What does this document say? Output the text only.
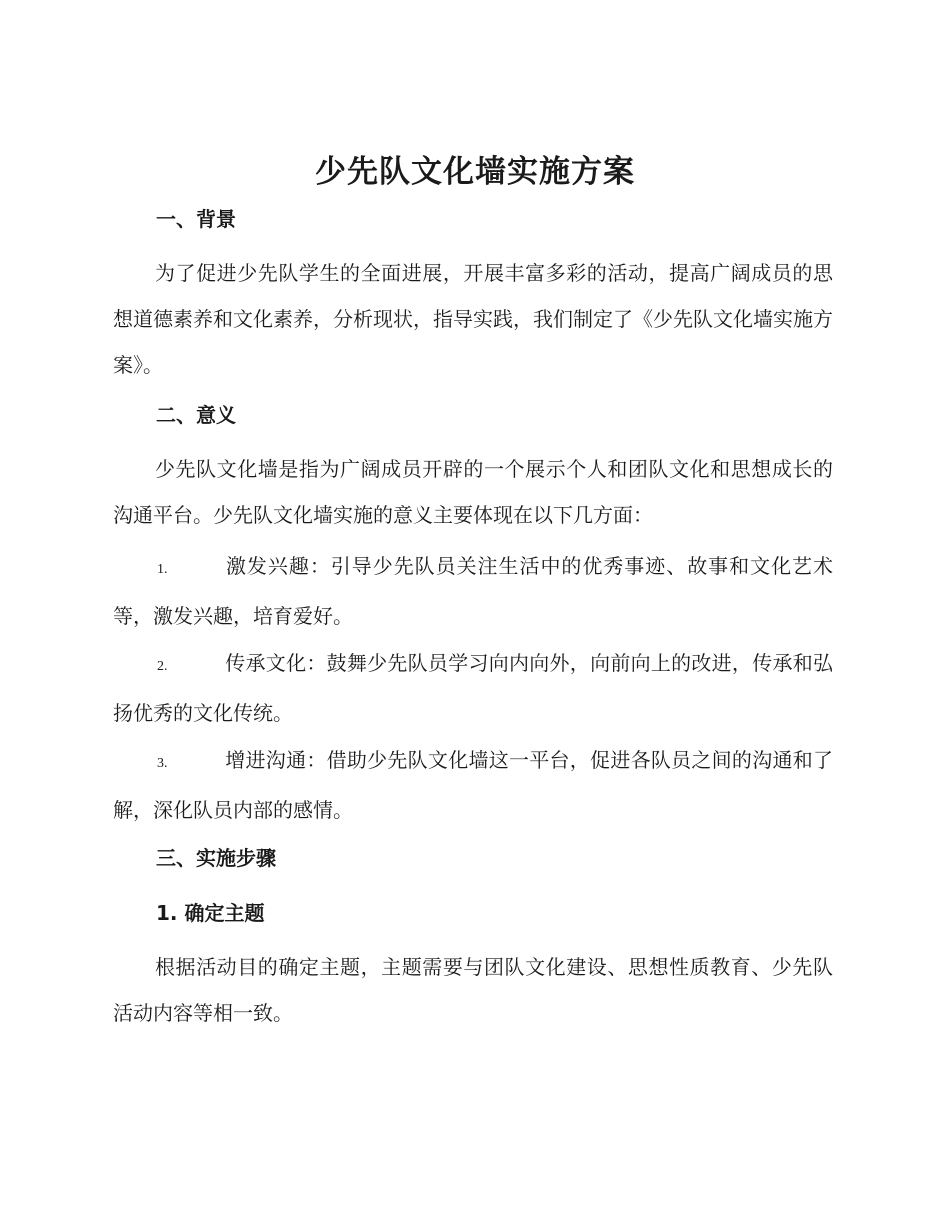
少先队文化墙实施方案
一、背景

为了促进少先队学生的全面进展，开展丰富多彩的活动，提高广阔成员的思想道德素养和文化素养，分析现状，指导实践，我们制定了《少先队文化墙实施方案》。

二、意义

少先队文化墙是指为广阔成员开辟的一个展示个人和团队文化和思想成长的沟通平台。少先队文化墙实施的意义主要体现在以下几方面：

1.	激发兴趣：引导少先队员关注生活中的优秀事迹、故事和文化艺术等，激发兴趣，培育爱好。

2.	传承文化：鼓舞少先队员学习向内向外，向前向上的改进，传承和弘扬优秀的文化传统。

3.	增进沟通：借助少先队文化墙这一平台，促进各队员之间的沟通和了解，深化队员内部的感情。

三、实施步骤
1. 确定主题

根据活动目的确定主题，主题需要与团队文化建设、思想性质教育、少先队活动内容等相一致。
